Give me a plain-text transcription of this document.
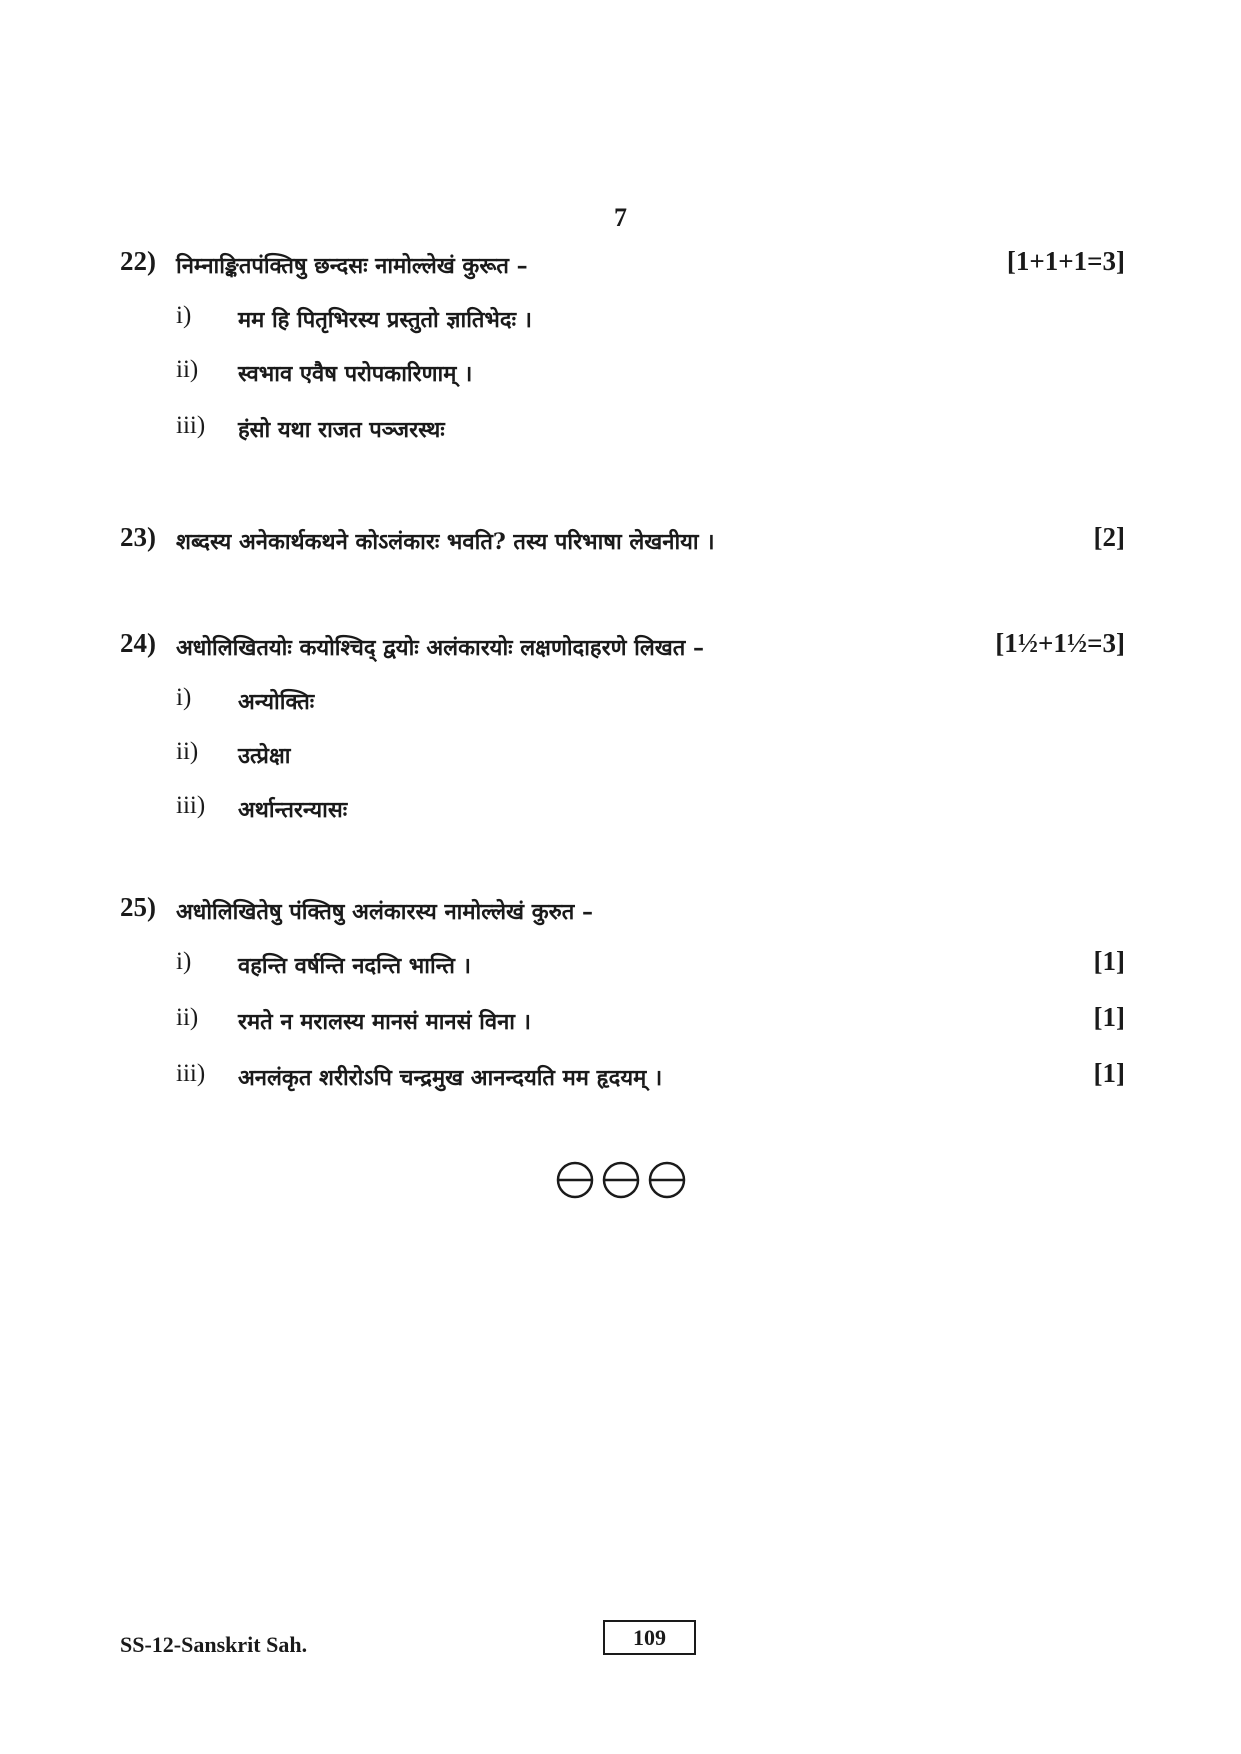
7
22) निम्नाङ्कितपंक्तिषु छन्दसः नामोल्लेखं कुरूत –	[1+1+1=3]
i) मम हि पितृभिरस्य प्रस्तुतो ज्ञातिभेदः ।
ii) स्वभाव एवैष परोपकारिणाम् ।
iii) हंसो यथा राजत पञ्जरस्थः
23) शब्दस्य अनेकार्थकथने कोऽलंकारः भवति? तस्य परिभाषा लेखनीया ।	[2]
24) अधोलिखितयोः कयोश्चिद् द्वयोः अलंकारयोः लक्षणोदाहरणे लिखत –	[1½+1½=3]
i) अन्योक्तिः
ii) उत्प्रेक्षा
iii) अर्थान्तरन्यासः
25) अधोलिखितेषु पंक्तिषु अलंकारस्य नामोल्लेखं कुरुत –
i) वहन्ति वर्षन्ति नदन्ति भान्ति ।	[1]
ii) रमते न मरालस्य मानसं मानसं विना ।	[1]
iii) अनलंकृत शरीरोऽपि चन्द्रमुख आनन्दयति मम हृदयम् ।	[1]
SS-12-Sanskrit Sah.	109
